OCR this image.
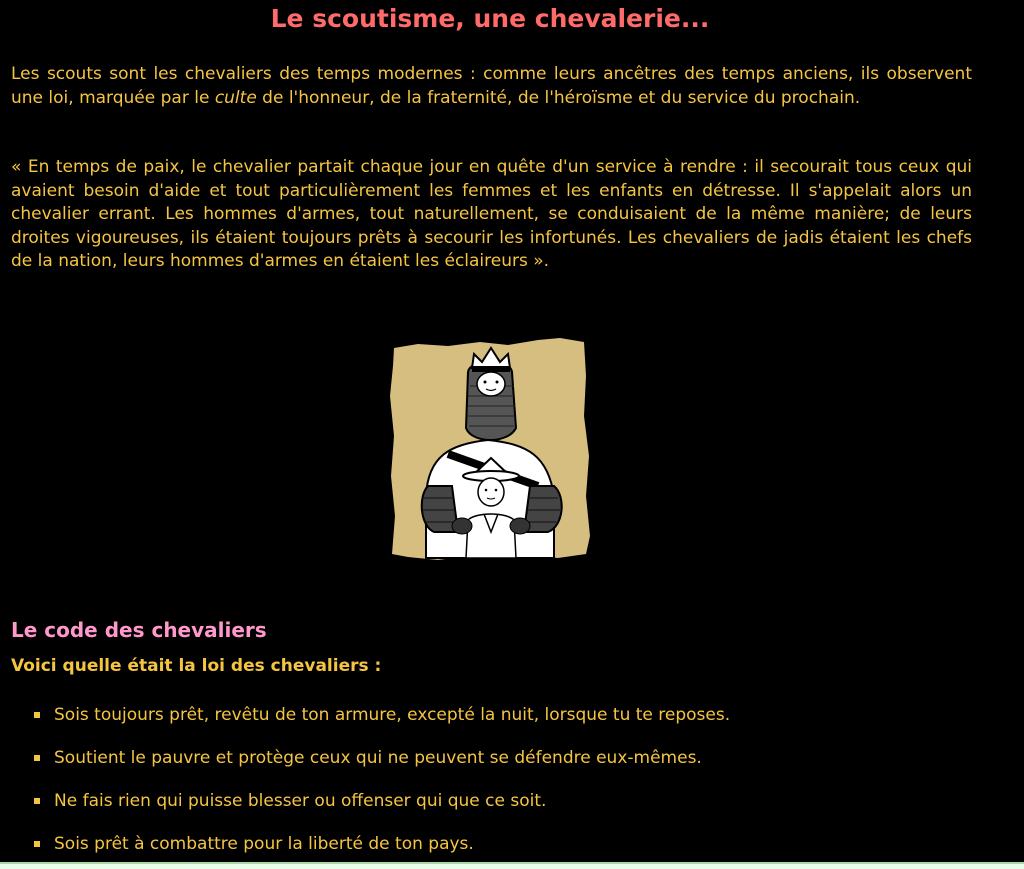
Le scoutisme, une chevalerie...

Les scouts sont les chevaliers des temps modernes : comme leurs ancêtres des temps anciens, ils observent une loi, marquée par le culte de l'honneur, de la fraternité, de l'héroïsme et du service du prochain.

« En temps de paix, le chevalier partait chaque jour en quête d'un service à rendre : il secourait tous ceux qui avaient besoin d'aide et tout particulièrement les femmes et les enfants en détresse. Il s'appelait alors un chevalier errant. Les hommes d'armes, tout naturellement, se conduisaient de la même manière; de leurs droites vigoureuses, ils étaient toujours prêts à secourir les infortunés. Les chevaliers de jadis étaient les chefs de la nation, leurs hommes d'armes en étaient les éclaireurs ».

Le code des chevaliers

Voici quelle était la loi des chevaliers :

Sois toujours prêt, revêtu de ton armure, excepté la nuit, lorsque tu te reposes.
Soutient le pauvre et protège ceux qui ne peuvent se défendre eux-mêmes.
Ne fais rien qui puisse blesser ou offenser qui que ce soit.
Sois prêt à combattre pour la liberté de ton pays.
